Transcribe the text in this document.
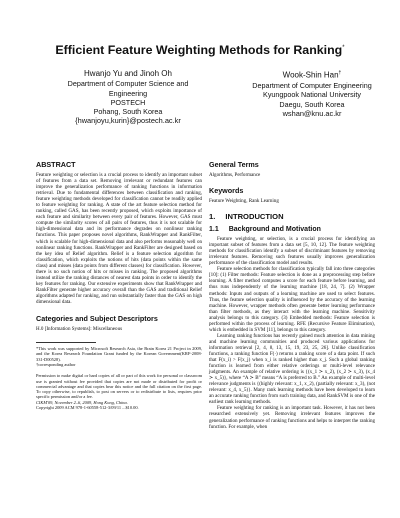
Efficient Feature Weighting Methods for Ranking*
Hwanjo Yu and Jinoh Oh
Department of Computer Science and
Engineering
POSTECH
Pohang, South Korea
{hwanjoyu,kurin}@postech.ac.kr
Wook-Shin Han†
Department of Computer Engineering
Kyungpook National University
Daegu, South Korea
wshan@knu.ac.kr
ABSTRACT
Feature weighting or selection is a crucial process to identify an important subset of features from a data set. Removing irrelevant or redundant features can improve the generalization performance of ranking functions in information retrieval. Due to fundamental differences between classification and ranking, feature weighting methods developed for classification cannot be readily applied to feature weighting for ranking. A state of the art feature selection method for ranking, called GAS, has been recently proposed, which exploits importance of each feature and similarity between every pair of features. However, GAS must compute the similarity scores of all pairs of features, thus it is not scalable for high-dimensional data and its performance degrades on nonlinear ranking functions. This paper proposes novel algorithms, RankWrapper and RankFilter, which is scalable for high-dimensional data and also performs reasonably well on nonlinear ranking functions. RankWrapper and RankFilter are designed based on the key idea of Relief algorithm. Relief is a feature selection algorithm for classification, which exploits the notions of hits (data points within the same class) and misses (data points from different classes) for classification. However, there is no such notion of hits or misses in ranking. The proposed algorithms instead utilize the ranking distances of nearest data points in order to identify the key features for ranking. Our extensive experiments show that RankWrapper and RankFilter generate higher accuracy overall than the GAS and traditional Relief algorithms adapted for ranking, and run substantially faster than the GAS on high dimensional data.
Categories and Subject Descriptors
H.0 [Information Systems]: Miscellaneous
*This work was supported by Microsoft Research Asia, the Brain Korea 21 Project in 2009, and the Korea Research Foundation Grant funded by the Korean Government(KRF-2008-331-D00528).
†corresponding author
Permission to make digital or hard copies of all or part of this work for personal or classroom use is granted without fee provided that copies are not made or distributed for profit or commercial advantage and that copies bear this notice and the full citation on the first page. To copy otherwise, to republish, to post on servers or to redistribute to lists, requires prior specific permission and/or a fee.
CIKM'09, November 2–6, 2009, Hong Kong, China.
Copyright 2009 ACM 978-1-60558-512-3/09/11 ...$10.00.
General Terms
Algorithms, Performance
Keywords
Feature Weighting, Rank Learning
1. INTRODUCTION
1.1 Background and Motivation
Feature weighting, or selection, is a crucial process for identifying an important subset of features from a data set [5, 10, 12]. The feature weighting methods for classification identify a subset of discriminant features by removing irrelevant features. Removing such features usually improves generalization performance of the classification model and results.
Feature selection methods for classification typically fall into three categories [10]: (1) Filter methods: Feature selection is done as a preprocessing step before learning. A filter method computes a score for each feature before learning, and thus runs independently of the learning machine [18, 24, 7]. (2) Wrapper methods: Inputs and outputs of a learning machine are used to select features. Thus, the feature selection quality is influenced by the accuracy of the learning machine. However, wrapper methods often generate better learning performance than filter methods, as they interact with the learning machine. Sensitivity analysis belongs to this category. (3) Embedded methods: Feature selection is performed within the process of learning. RFE (Recursive Feature Elimination), which is embedded in SVM [11], belongs to this category.
Learning ranking functions has recently gained much attention in data mining and machine learning communities and produced various applications for information retrieval [2, 4, 8, 13, 15, 19, 23, 25, 26]. Unlike classification functions, a ranking function F(·) returns a ranking score of a data point. If such that F(x_i) > F(x_j) when x_i is ranked higher than x_j. Such a global ranking function is learned from either relative orderings or multi-level relevance judgments. An example of relative ordering is {(x_1 ≻ x_2), (x_2 ≻ x_3), (x_4 ≻ x_5)}, where “A ≻ B” means “A is preferred to B.” An example of multi-level relevance judgments is {(highly relevant: x_1, x_2), (partially relevant: x_3), (not relevant: x_4, x_5)}. Many rank learning methods have been developed to learn an accurate ranking function from such training data, and RankSVM is one of the earliest rank learning methods.
Feature weighting for ranking is an important task. However, it has not been researched extensively yet. Removing irrelevant features improves the generalization performance of ranking functions and helps to interpret the ranking function. For example, when
